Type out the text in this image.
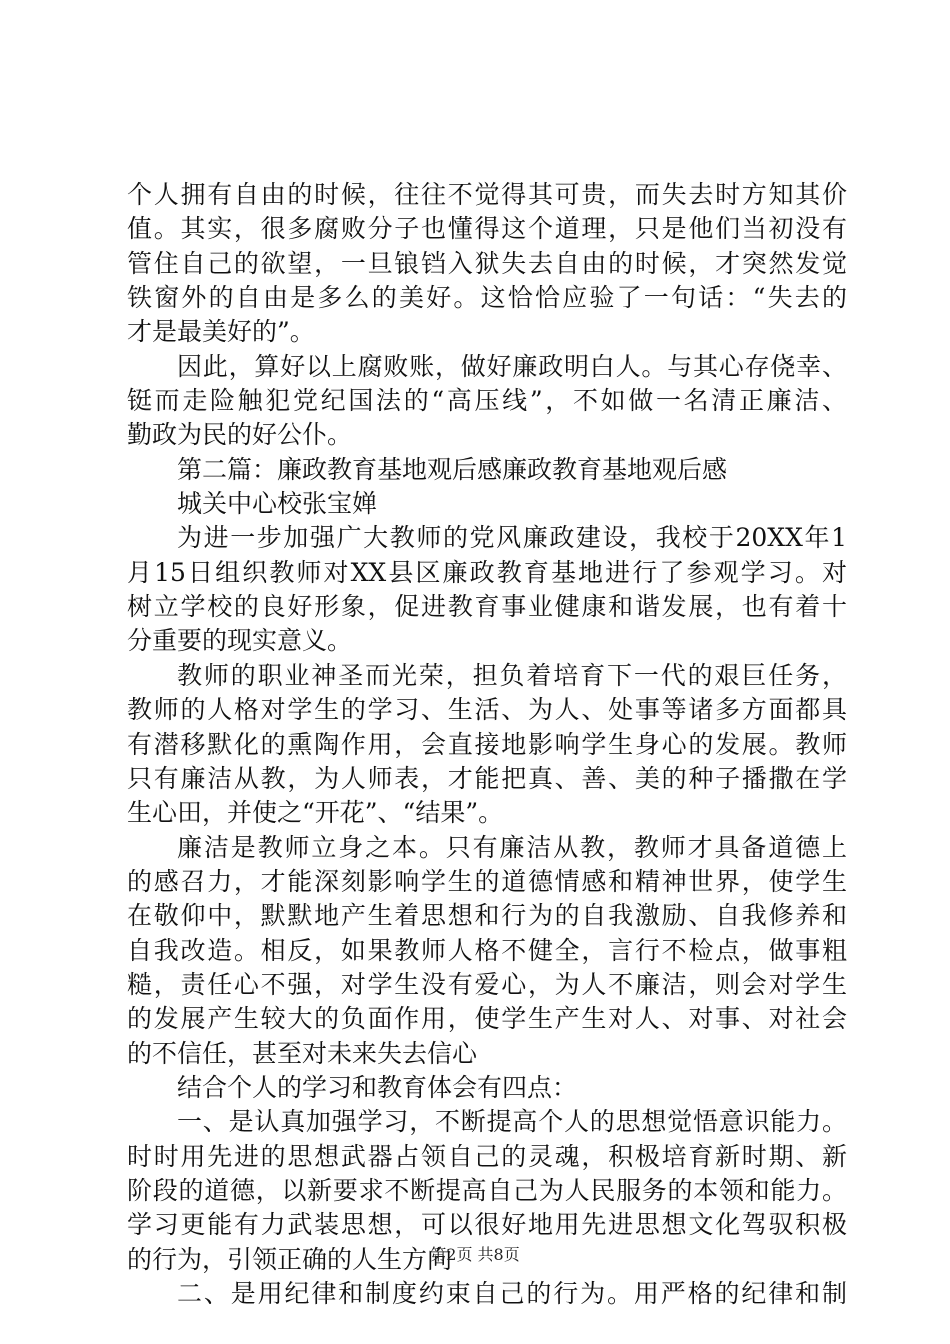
个人拥有自由的时候，往往不觉得其可贵，而失去时方知其价
值。其实，很多腐败分子也懂得这个道理，只是他们当初没有
管住自己的欲望，一旦锒铛入狱失去自由的时候，才突然发觉
铁窗外的自由是多么的美好。这恰恰应验了一句话：“失去的
才是最美好的”。
因此，算好以上腐败账，做好廉政明白人。与其心存侥幸、
铤而走险触犯党纪国法的“高压线”，不如做一名清正廉洁、
勤政为民的好公仆。
第二篇：廉政教育基地观后感廉政教育基地观后感
城关中心校张宝婵
为进一步加强广大教师的党风廉政建设，我校于20XX年1
月15日组织教师对XX县区廉政教育基地进行了参观学习。对
树立学校的良好形象，促进教育事业健康和谐发展，也有着十
分重要的现实意义。
教师的职业神圣而光荣，担负着培育下一代的艰巨任务，
教师的人格对学生的学习、生活、为人、处事等诸多方面都具
有潜移默化的熏陶作用，会直接地影响学生身心的发展。教师
只有廉洁从教，为人师表，才能把真、善、美的种子播撒在学
生心田，并使之“开花”、“结果”。
廉洁是教师立身之本。只有廉洁从教，教师才具备道德上
的感召力，才能深刻影响学生的道德情感和精神世界，使学生
在敬仰中，默默地产生着思想和行为的自我激励、自我修养和
自我改造。相反，如果教师人格不健全，言行不检点，做事粗
糙，责任心不强，对学生没有爱心，为人不廉洁，则会对学生
的发展产生较大的负面作用，使学生产生对人、对事、对社会
的不信任，甚至对未来失去信心
结合个人的学习和教育体会有四点：
一、是认真加强学习，不断提高个人的思想觉悟意识能力。
时时用先进的思想武器占领自己的灵魂，积极培育新时期、新
阶段的道德，以新要求不断提高自己为人民服务的本领和能力。
学习更能有力武装思想，可以很好地用先进思想文化驾驭积极
的行为，引领正确的人生方向
二、是用纪律和制度约束自己的行为。用严格的纪律和制
第2页 共8页
